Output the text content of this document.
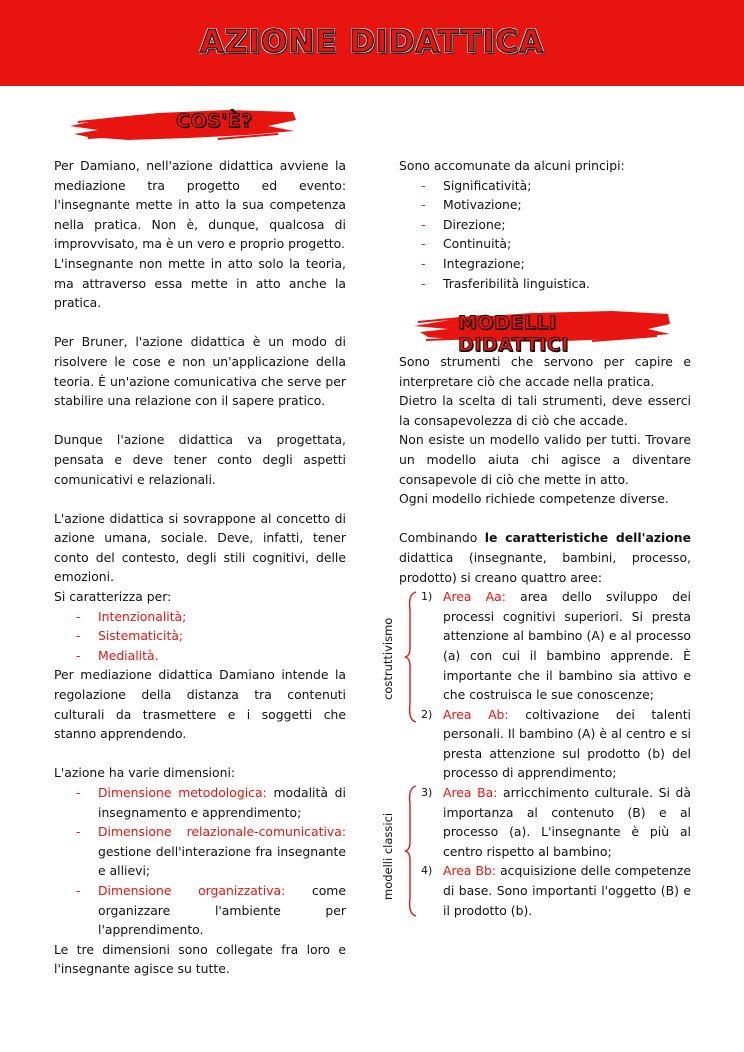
AZIONE DIDATTICA
COS'È?

Per Damiano, nell'azione didattica avviene la mediazione tra progetto ed evento: l'insegnante mette in atto la sua competenza nella pratica. Non è, dunque, qualcosa di improvvisato, ma è un vero e proprio progetto.

L'insegnante non mette in atto solo la teoria, ma attraverso essa mette in atto anche la pratica.

Per Bruner, l'azione didattica è un modo di risolvere le cose e non un'applicazione della teoria. È un'azione comunicativa che serve per stabilire una relazione con il sapere pratico.

Dunque l'azione didattica va progettata, pensata e deve tener conto degli aspetti comunicativi e relazionali.

L'azione didattica si sovrappone al concetto di azione umana, sociale. Deve, infatti, tener conto del contesto, degli stili cognitivi, delle emozioni.

Si caratterizza per:

- Intenzionalità;
- Sistematicità;
- Medialità.

Per mediazione didattica Damiano intende la regolazione della distanza tra contenuti culturali da trasmettere e i soggetti che stanno apprendendo.

L'azione ha varie dimensioni:

- Dimensione metodologica: modalità di insegnamento e apprendimento;
- Dimensione relazionale-comunicativa: gestione dell'interazione fra insegnante e allievi;
- Dimensione organizzativa: come organizzare l'ambiente per l'apprendimento.

Le tre dimensioni sono collegate fra loro e l'insegnante agisce su tutte.

Sono accomunate da alcuni principi:

- Significatività;
- Motivazione;
- Direzione;
- Continuità;
- Integrazione;
- Trasferibilità linguistica.
MODELLI DIDATTICI

Sono strumenti che servono per capire e interpretare ciò che accade nella pratica.

Dietro la scelta di tali strumenti, deve esserci la consapevolezza di ciò che accade.

Non esiste un modello valido per tutti. Trovare un modello aiuta chi agisce a diventare consapevole di ciò che mette in atto.

Ogni modello richiede competenze diverse.

Combinando le caratteristiche dell'azione didattica (insegnante, bambini, processo, prodotto) si creano quattro aree:

1) Area Aa: area dello sviluppo dei processi cognitivi superiori. Si presta attenzione al bambino (A) e al processo (a) con cui il bambino apprende. È importante che il bambino sia attivo e che costruisca le sue conoscenze;
2) Area Ab: coltivazione dei talenti personali. Il bambino (A) è al centro e si presta attenzione sul prodotto (b) del processo di apprendimento;
3) Area Ba: arricchimento culturale. Si dà importanza al contenuto (B) e al processo (a). L'insegnante è più al centro rispetto al bambino;
4) Area Bb: acquisizione delle competenze di base. Sono importanti l'oggetto (B) e il prodotto (b).
costruttivismo
modelli classici
